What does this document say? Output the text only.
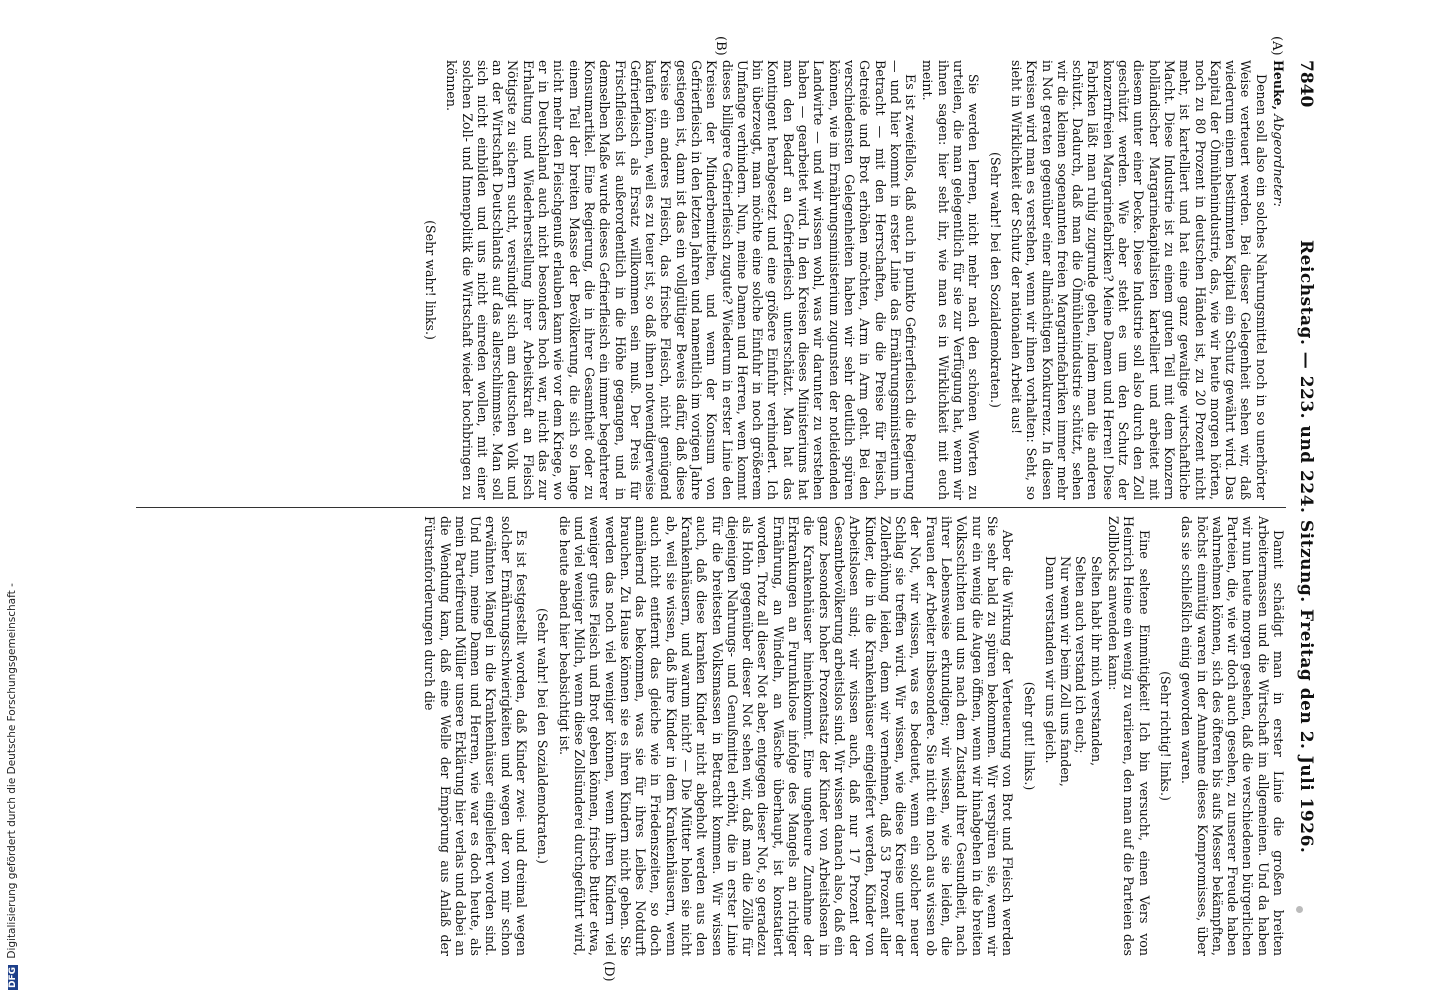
7840
Reichstag. — 223. und 224. Sitzung. Freitag den 2. Juli 1926.

Heuke, Abgeordneter:

Denen soll also ein solches Nahrungsmittel noch in so unerhörter Weise verteuert werden. Bei dieser Gelegenheit sehen wir, daß wiederum einem bestimmten Kapital ein Schutz gewährt wird. Das Kapital der Ölmühlenindustrie, das, wie wir heute morgen hörten, noch zu 80 Prozent in deutschen Händen ist, zu 20 Prozent nicht mehr, ist kartelliert und hat eine ganz gewaltige wirtschaftliche Macht. Diese Industrie ist zu einem guten Teil mit dem Konzern holländischer Margarinekapitalisten kartelliert und arbeitet mit diesem unter einer Decke. Diese Industrie soll also durch den Zoll geschützt werden. Wie aber steht es um den Schutz der konzernfreien Margarinefabriken? Meine Damen und Herren! Diese Fabriken läßt man ruhig zugrunde gehen, indem man die anderen schützt. Dadurch, daß man die Ölmühlenindustrie schützt, sehen wir die kleinen sogenannten freien Margarinefabriken immer mehr in Not geraten gegenüber einer allmächtigen Konkurrenz. In diesen Kreisen wird man es verstehen, wenn wir ihnen vorhalten: Seht, so sieht in Wirklichkeit der Schutz der nationalen Arbeit aus!

(Sehr wahr! bei den Sozialdemokraten.)

Sie werden lernen, nicht mehr nach den schönen Worten zu urteilen, die man gelegentlich für sie zur Verfügung hat, wenn wir ihnen sagen: hier seht ihr, wie man es in Wirklichkeit mit euch meint.

Es ist zweifellos, daß auch in punkto Gefrierfleisch die Regierung — und hier kommt in erster Linie das Ernährungsministerium in Betracht — mit den Herrschaften, die die Preise für Fleisch, Getreide und Brot erhöhen möchten, Arm in Arm geht. Bei den verschiedensten Gelegenheiten haben wir sehr deutlich spüren können, wie im Ernährungsministerium zugunsten der notleidenden Landwirte — und wir wissen wohl, was wir darunter zu verstehen haben — gearbeitet wird. In den Kreisen dieses Ministeriums hat man den Bedarf an Gefrierfleisch unterschätzt. Man hat das Kontingent herabgesetzt und eine größere Einfuhr verhindert. Ich bin überzeugt, man möchte eine solche Einfuhr in noch größerem Umfange verhindern. Nun, meine Damen und Herren, wem kommt dieses billigere Gefrierfleisch zugute? Wiederum in erster Linie den Kreisen der Minderbemittelten, und wenn der Konsum von Gefrierfleisch in den letzten Jahren und namentlich im vorigen Jahre gestiegen ist, dann ist das ein vollgültiger Beweis dafür, daß diese Kreise ein anderes Fleisch, das frische Fleisch, nicht genügend kaufen können, weil es zu teuer ist, so daß ihnen notwendigerweise Gefrierfleisch als Ersatz willkommen sein muß. Der Preis für Frischfleisch ist außerordentlich in die Höhe gegangen, und in demselben Maße wurde dieses Gefrierfleisch ein immer begehrterer Konsumartikel. Eine Regierung, die in ihrer Gesamtheit oder zu einem Teil der breiten Masse der Bevölkerung, die sich so lange nicht mehr den Fleischgenuß erlauben kann wie vor dem Kriege, wo er in Deutschland auch nicht besonders hoch war, nicht das zur Erhaltung und Wiederherstellung ihrer Arbeitskraft an Fleisch Nötigste zu sichern sucht, versündigt sich am deutschen Volk und an der Wirtschaft Deutschlands auf das allerschlimmste. Man soll sich nicht einbilden und uns nicht einreden wollen, mit einer solchen Zoll- und Innenpolitik die Wirtschaft wieder hochbringen zu können.

(Sehr wahr! links.)

Damit schädigt man in erster Linie die großen breiten Arbeitermassen und die Wirtschaft im allgemeinen. Und da haben wir nun heute morgen gesehen, daß die verschiedenen bürgerlichen Parteien, die, wie wir doch auch gesehen, zu unserer Freude haben wahrnehmen können, sich des öfteren bis aufs Messer bekämpften, höchst einmütig waren in der Annahme dieses Kompromisses, über das sie schließlich einig geworden waren.

(Sehr richtig! links.)

Eine seltene Einmütigkeit! Ich bin versucht, einen Vers von Heinrich Heine ein wenig zu variieren, den man auf die Parteien des Zollblocks anwenden kann:

Selten habt ihr mich verstanden,

Selten auch verstand ich euch;

Nur wenn wir beim Zoll uns fanden,

Dann verstanden wir uns gleich.

(Sehr gut! links.)

Aber die Wirkung der Verteuerung von Brot und Fleisch werden Sie sehr bald zu spüren bekommen. Wir verspüren sie, wenn wir nur ein wenig die Augen öffnen, wenn wir hinabgehen in die breiten Volksschichten und uns nach dem Zustand ihrer Gesundheit, nach ihrer Lebensweise erkundigen; wir wissen, wie sie leiden, die Frauen der Arbeiter insbesondere. Sie nicht ein noch aus wissen ob der Not, wir wissen, was es bedeutet, wenn ein solcher neuer Schlag sie treffen wird. Wir wissen, wie diese Kreise unter der Zollerhöhung leiden, denn wir vernehmen, daß 53 Prozent aller Kinder, die in die Krankenhäuser eingeliefert werden, Kinder von Arbeitslosen sind; wir wissen auch, daß nur 17 Prozent der Gesamtbevölkerung arbeitslos sind. Wir wissen danach also, daß ein ganz besonders hoher Prozentsatz der Kinder von Arbeitslosen in die Krankenhäuser hineinkommt. Eine ungeheure Zunahme der Erkrankungen an Furunkulose infolge des Mangels an richtiger Ernährung, an Windeln, an Wäsche überhaupt, ist konstatiert worden. Trotz all dieser Not aber, entgegen dieser Not, so geradezu als Hohn gegenüber dieser Not sehen wir, daß man die Zölle für diejenigen Nahrungs- und Genußmittel erhöht, die in erster Linie für die breitesten Volksmassen in Betracht kommen. Wir wissen auch, daß diese kranken Kinder nicht abgeholt werden aus den Krankenhäusern, und warum nicht? — Die Mütter holen sie nicht ab, weil sie wissen, daß ihre Kinder in dem Krankenhäusern, wenn auch nicht entfernt das gleiche wie in Friedenszeiten, so doch annähernd das bekommen, was sie für ihres Leibes Notdurft brauchen. Zu Hause können sie es ihren Kindern nicht geben. Sie werden das noch viel weniger können, wenn ihren Kindern viel weniger gutes Fleisch und Brot geben können, frische Butter etwa, und viel weniger Milch, wenn diese Zollsünderei durchgeführt wird, die heute abend hier beabsichtigt ist.

(Sehr wahr! bei den Sozialdemokraten.)

Es ist festgestellt worden, daß Kinder zwei- und dreimal wegen solcher Ernährungsschwierigkeiten und wegen der von mir schon erwähnten Mängel in die Krankenhäuser eingeliefert worden sind. Und nun, meine Damen und Herren, wie war es doch heute, als mein Parteifreund Müller unsere Erklärung hier verlas und dabei an die Wendung kam, daß eine Welle der Empörung aus Anlaß der Fürstenforderungen durch die

(A)
(B)
(D)
DFG Digitalisierung gefördert durch die Deutsche Forschungsgemeinschaft -
